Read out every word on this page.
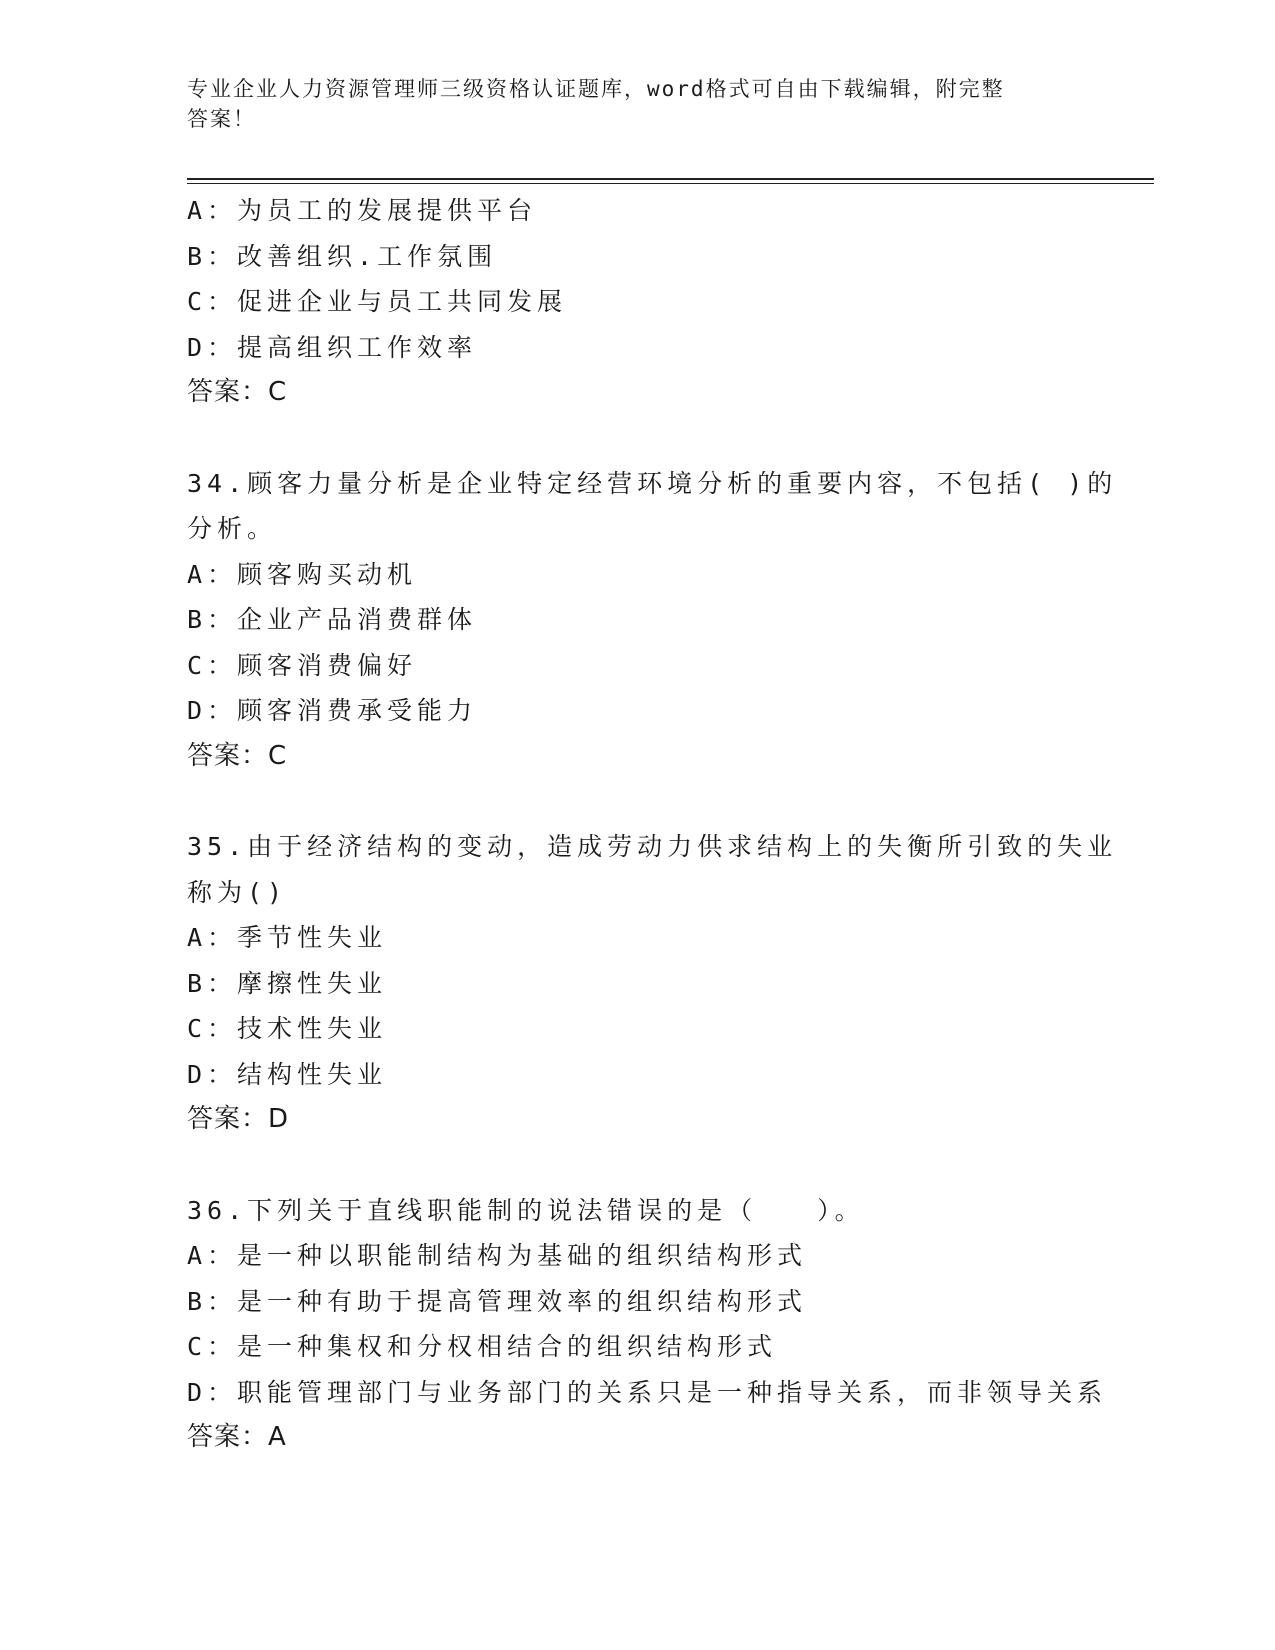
专业企业人力资源管理师三级资格认证题库，word格式可自由下载编辑，附完整
答案！
A：为员工的发展提供平台
B：改善组织.工作氛围
C：促进企业与员工共同发展
D：提高组织工作效率
答案：C
34.顾客力量分析是企业特定经营环境分析的重要内容，不包括( )的
分析。
A：顾客购买动机
B：企业产品消费群体
C：顾客消费偏好
D：顾客消费承受能力
答案：C
35.由于经济结构的变动，造成劳动力供求结构上的失衡所引致的失业
称为()
A：季节性失业
B：摩擦性失业
C：技术性失业
D：结构性失业
答案：D
36.下列关于直线职能制的说法错误的是（　　）。
A：是一种以职能制结构为基础的组织结构形式
B：是一种有助于提高管理效率的组织结构形式
C：是一种集权和分权相结合的组织结构形式
D：职能管理部门与业务部门的关系只是一种指导关系，而非领导关系
答案：A
